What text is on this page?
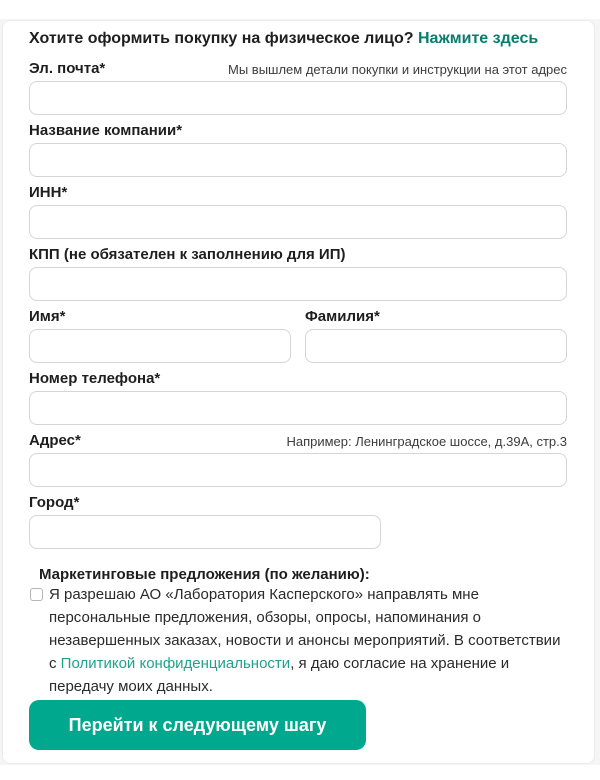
Хотите оформить покупку на физическое лицо? Нажмите здесь
Эл. почта*	Мы вышлем детали покупки и инструкции на этот адрес
Название компании*
ИНН*
КПП (не обязателен к заполнению для ИП)
Имя*	Фамилия*
Номер телефона*
Адрес*	Например: Ленинградское шоссе, д.39А, стр.3
Город*
Маркетинговые предложения (по желанию):
Я разрешаю АО «Лаборатория Касперского» направлять мне персональные предложения, обзоры, опросы, напоминания о незавершенных заказах, новости и анонсы мероприятий. В соответствии с Политикой конфиденциальности, я даю согласие на хранение и передачу моих данных.
Перейти к следующему шагу
